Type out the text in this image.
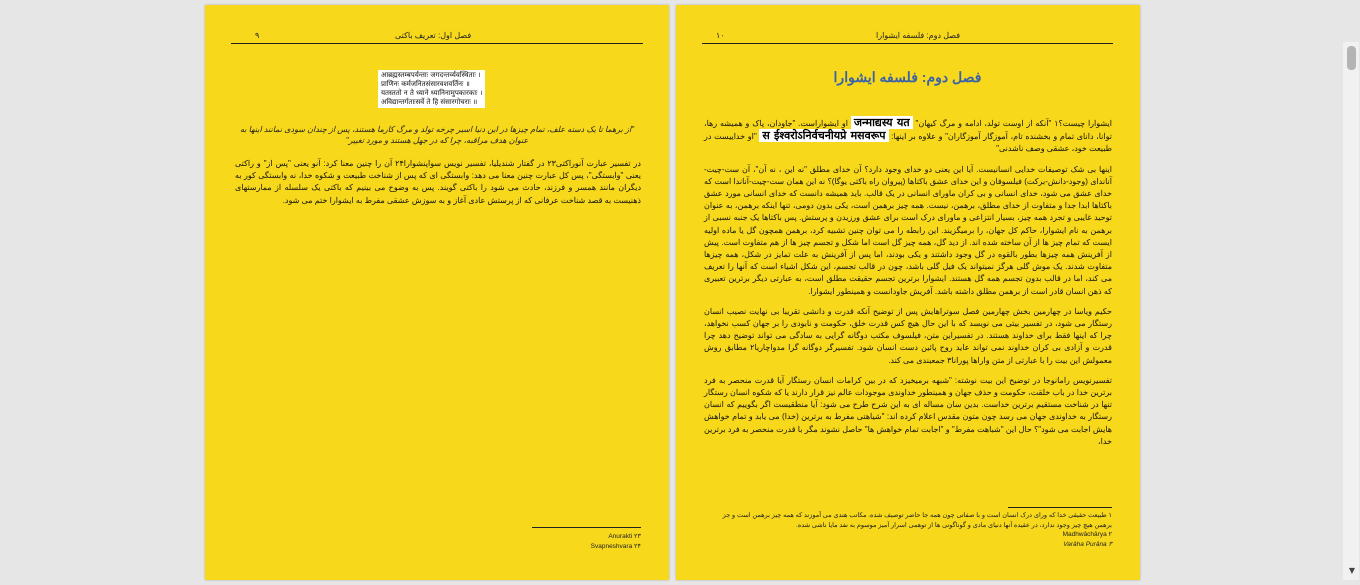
فصل اول: تعریف باکتی
۹
आब्रह्मस्तम्बपर्यन्ताः जगदन्तर्व्यवस्थिताः ।
प्राणिनः कर्मजनितसंसारवशवर्तिनः ॥
यतस्ततो न ते ध्याने ध्यानिनामुपकारकाः ।
अविद्यान्तर्गताःसर्वे ते हि संसारगोचराः ॥
"از برهما تا یک دسته علف، تمام چیزها در این دنیا اسیر چرخه تولد و مرگ کارما هستند، پس از چندان سودی نمانند اینها به
عنوان هدف مراقبه، چرا که در جهل هستند و مورد تغییر"

در تفسیر عبارت آنوراکتی۲۳ در گفتار شندیلیا، تفسیر نویس سواپنشوارا۲۴ آن را چنین معنا کرد: آنو یعنی "پس از" و راکتی یعنی "وابستگی"، پس کل عبارت چنین معنا می دهد: وابستگی ای که پس از شناخت طبیعت و شکوه خدا، نه وابستگی کور به دیگران مانند همسر و فرزند، حادث می شود را باکتی گویند. پس به وضوح می بینیم که باکتی یک سلسله از ممارستهای ذهنیست به قصد شناخت عرفانی که از پرستش عادی آغاز و به سوزش عشقی مفرط به ایشوارا ختم می شود.

۲۳ Anurakti
۲۴ Svapneshvara
فصل دوم: فلسفه ایشوارا
۱۰
فصل دوم: فلسفه ایشوارا

ایشوارا چیست؟۱ "آنکه از اوست تولد، ادامه و مرگ کیهان" जन्माद्यस्य यत او ایشواراست. "جاودان، پاک و همیشه رها، توانا، دانای تمام و بخشنده تام، آموزگار آموزگاران" و علاوه بر اینها: स ईश्वरोऽनिर्वचनीयप्रे मसवरूप "او خداییست در طبیعت خود، عشقی وصف ناشدنی"

اینها بی شک توصیفات خدایی انسانیست. آیا این یعنی دو خدای وجود دارد؟ آن خدای مطلق "نه این ، نه آن"، آن ست-چیت-آناندای (وجود-دانش-برکت) فیلسوفان و این خدای عشق باکتاها (پیروان راه باکتی یوگا)؟ نه این همان ست-چیت-آناندا است که خدای عشق می شود، خدای انسانی و بی کران ماورای انسانی در یک قالب. باید همیشه دانست که خدای انسانی مورد عشق باکتاها ابدا جدا و متفاوت از خدای مطلق، برهمن، نیست. همه چیز برهمن است، یکی بدون دومی، تنها اینکه برهمن، به عنوان توحید غایبی و تجرد همه چیز، بسیار انتزاعی و ماورای درک است برای عشق ورزیدن و پرستش. پس باکتاها یک جنبه نسبی از برهمن به نام ایشوارا، حاکم کل جهان، را برمیگزیند. این رابطه را می توان چنین تشبیه کرد، برهمن همچون گل یا ماده اولیه ایست که تمام چیز ها از آن ساخته شده اند. از دید گل، همه چیز گل است اما شکل و تجسم چیز ها از هم متفاوت است. پیش از آفرینش همه چیزها بطور بالقوه در گل وجود داشتند و یکی بودند، اما پس از آفرینش به علت تمایز در شکل، همه چیزها متفاوت شدند. یک موش گلی هرگز نمیتواند یک فیل گلی باشد، چون در قالب تجسم، این شکل اشیاء است که آنها را تعریف می کند، اما در قالب بدون تجسم همه گل هستند. ایشوارا برترین تجسم حقیقت مطلق است، به عبارتی دیگر برترین تعبیری که ذهن انسان قادر است از برهمن مطلق داشته باشد. آفریش جاودانست و همینطور ایشوارا.

حکیم ویاسا در چهارمین بخش چهارمین فصل سوتراهایش پس از توضیح آنکه قدرت و دانشی تقریبا بی نهایت نصیب انسان رستگار می شود، در تفسیر بیتی می نویسد که با این حال هیچ کس قدرت خلق، حکومت و نابودی را بر جهان کسب نخواهد، چرا که اینها فقط برای خداوند هستند. در تفسیراین متن، فیلسوف مکتب دوگانه گرایی به سادگی می تواند توضیح دهد چرا قدرت و آزادی بی کران خداوند نمی تواند عاید روح پائین دست انسان شود. تفسیرگر دوگانه گرا مدواچاریا۲ مطابق روش معمولش این بیت را با عبارتی از متن واراها پورانا۳ جمعبندی می کند.

تفسیرنویس رامانوجا در توضیح این بیت نوشته: "شبهه برمیخیزد که در بین کرامات انسان رستگار آیا قدرت منحصر به فرد برترین خدا در باب خلقت، حکومت و حذف جهان و همینطور خداوندی موجودات عالم نیز قرار دارند یا که شکوه انسان رستگار تنها در شناخت مستقیم برترین خداست. بدین سان مساله ای به این شرح طرح می شود: آیا منطقیست اگر بگوییم که انسان رستگار به خداوندی جهان می رسد چون متون مقدس اعلام کرده اند: "شیاهتی مفرط به برترین (خدا) می یابد و تمام خواهش هایش اجابت می شود"؟ حال این "شباهت مفرط" و "اجابت تمام خواهش ها" حاصل نشوند مگر با قدرت منحصر به فرد برترین خدا،

۱ طبیعت حقیقی خدا که ورای درک انسان است و با صفاتی چون همه جا حاضر توصیف شده. مکاتب هندی می آموزند که همه چیز برهمن است و جز برهمن هیچ چیز وجود ندارد، در عقیده آنها دنیای مادی و گوناگونی ها از توهمی اسرار آمیز موسوم به نفد مایا ناشی شده.
۲ Madhwâchârya
۳ Varâha Purâna
▼
